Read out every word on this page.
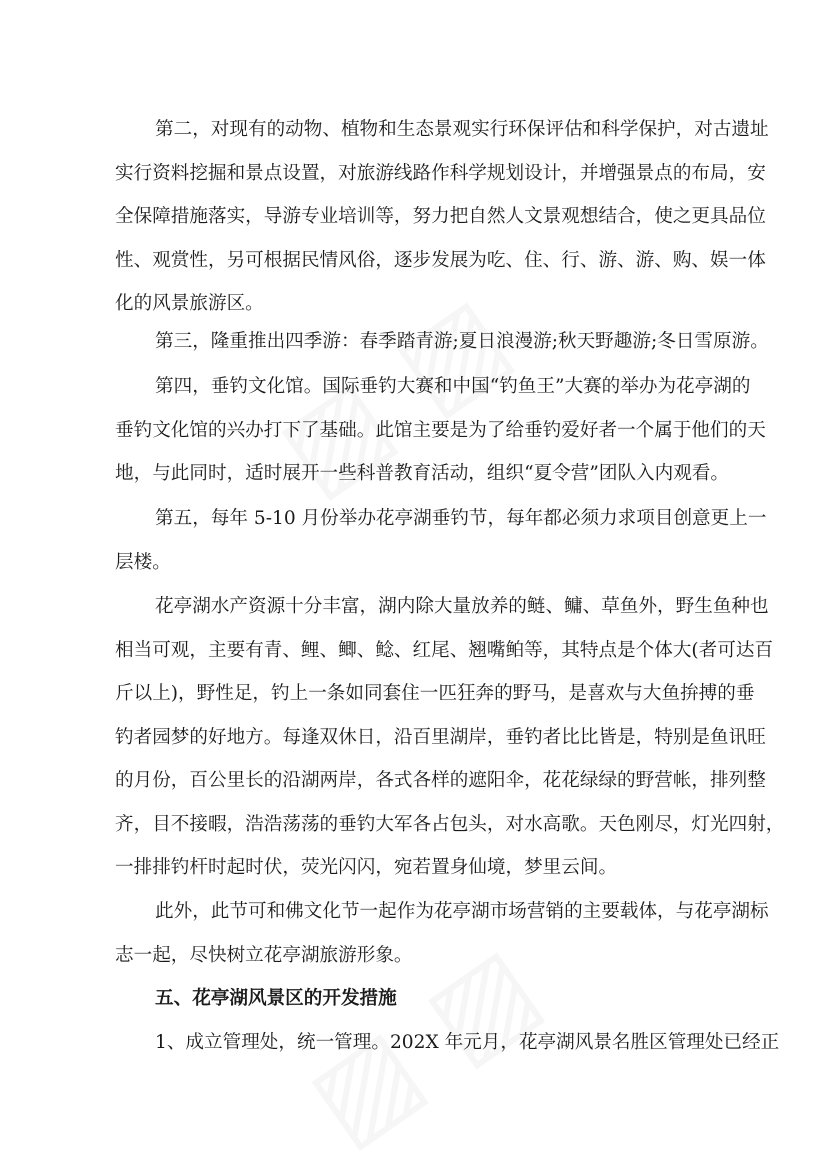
第二，对现有的动物、植物和生态景观实行环保评估和科学保护，对古遗址
实行资料挖掘和景点设置，对旅游线路作科学规划设计，并增强景点的布局，安
全保障措施落实，导游专业培训等，努力把自然人文景观想结合，使之更具品位
性、观赏性，另可根据民情风俗，逐步发展为吃、住、行、游、游、购、娱一体
化的风景旅游区。
第三，隆重推出四季游：春季踏青游;夏日浪漫游;秋天野趣游;冬日雪原游。
第四，垂钓文化馆。国际垂钓大赛和中国“钓鱼王”大赛的举办为花亭湖的
垂钓文化馆的兴办打下了基础。此馆主要是为了给垂钓爱好者一个属于他们的天
地，与此同时，适时展开一些科普教育活动，组织“夏令营”团队入内观看。
第五，每年 5-10 月份举办花亭湖垂钓节，每年都必须力求项目创意更上一
层楼。
花亭湖水产资源十分丰富，湖内除大量放养的鲢、鳙、草鱼外，野生鱼种也
相当可观，主要有青、鲤、鲫、鲶、红尾、翘嘴鲌等，其特点是个体大(者可达百
斤以上)，野性足，钓上一条如同套住一匹狂奔的野马，是喜欢与大鱼拚搏的垂
钓者园梦的好地方。每逢双休日，沿百里湖岸，垂钓者比比皆是，特别是鱼讯旺
的月份，百公里长的沿湖两岸，各式各样的遮阳伞，花花绿绿的野营帐，排列整
齐，目不接暇，浩浩荡荡的垂钓大军各占包头，对水高歌。天色刚尽，灯光四射，
一排排钓杆时起时伏，荧光闪闪，宛若置身仙境，梦里云间。
此外，此节可和佛文化节一起作为花亭湖市场营销的主要载体，与花亭湖标
志一起，尽快树立花亭湖旅游形象。
五、花亭湖风景区的开发措施
1、成立管理处，统一管理。202X 年元月，花亭湖风景名胜区管理处已经正
